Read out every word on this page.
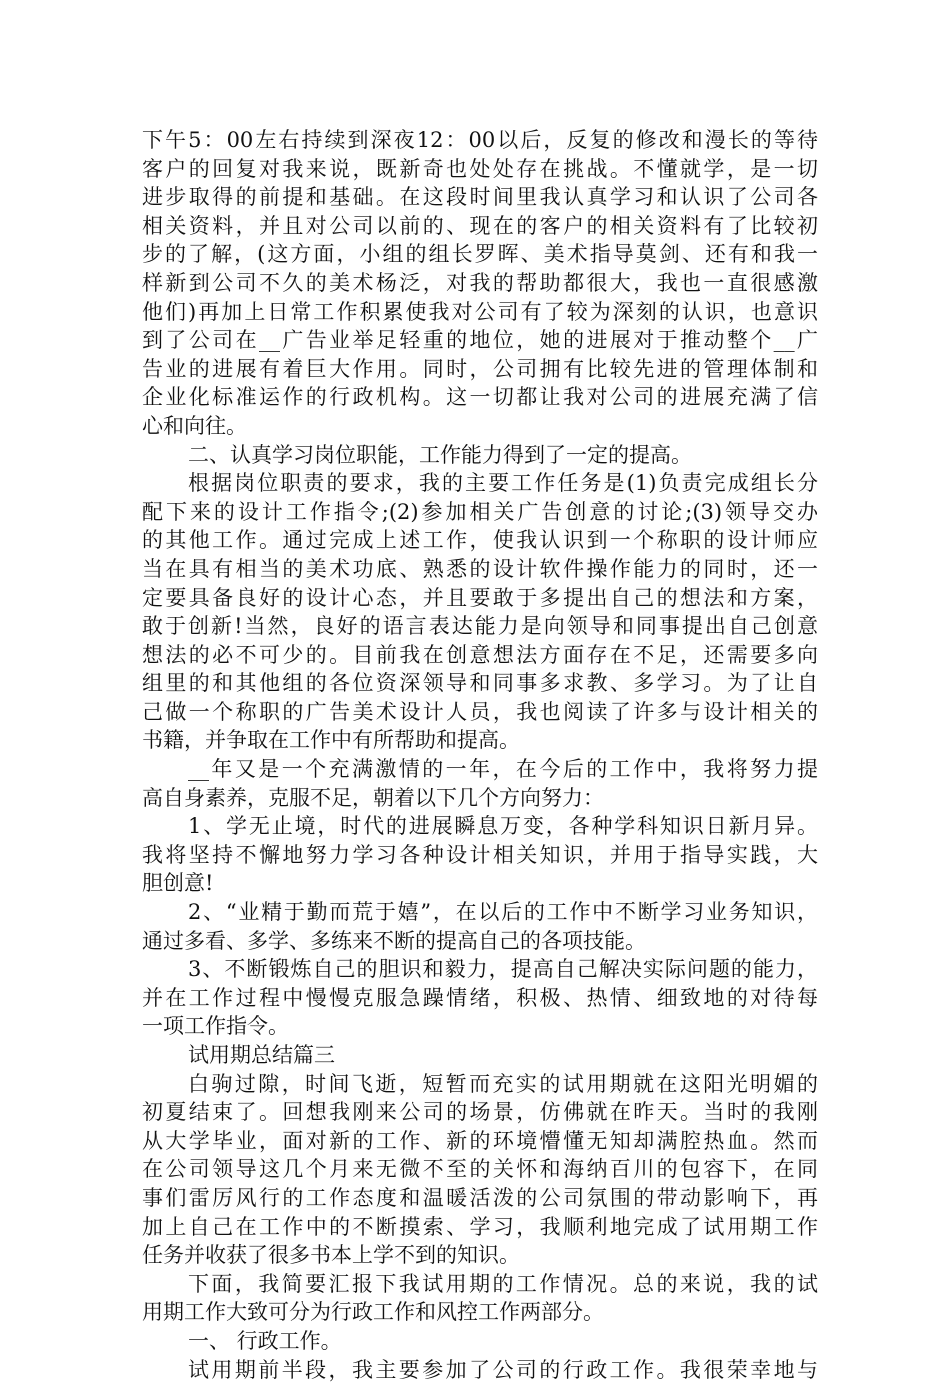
下午5：00左右持续到深夜12：00以后，反复的修改和漫长的等待
客户的回复对我来说，既新奇也处处存在挑战。不懂就学，是一切
进步取得的前提和基础。在这段时间里我认真学习和认识了公司各
相关资料，并且对公司以前的、现在的客户的相关资料有了比较初
步的了解，(这方面，小组的组长罗晖、美术指导莫剑、还有和我一
样新到公司不久的美术杨泛，对我的帮助都很大，我也一直很感激
他们)再加上日常工作积累使我对公司有了较为深刻的认识，也意识
到了公司在__广告业举足轻重的地位，她的进展对于推动整个__广
告业的进展有着巨大作用。同时，公司拥有比较先进的管理体制和
企业化标准运作的行政机构。这一切都让我对公司的进展充满了信
心和向往。
二、认真学习岗位职能，工作能力得到了一定的提高。
根据岗位职责的要求，我的主要工作任务是(1)负责完成组长分
配下来的设计工作指令;(2)参加相关广告创意的讨论;(3)领导交办
的其他工作。通过完成上述工作，使我认识到一个称职的设计师应
当在具有相当的美术功底、熟悉的设计软件操作能力的同时，还一
定要具备良好的设计心态，并且要敢于多提出自己的想法和方案，
敢于创新!当然，良好的语言表达能力是向领导和同事提出自己创意
想法的必不可少的。目前我在创意想法方面存在不足，还需要多向
组里的和其他组的各位资深领导和同事多求教、多学习。为了让自
己做一个称职的广告美术设计人员，我也阅读了许多与设计相关的
书籍，并争取在工作中有所帮助和提高。
__年又是一个充满激情的一年，在今后的工作中，我将努力提
高自身素养，克服不足，朝着以下几个方向努力：
1、学无止境，时代的进展瞬息万变，各种学科知识日新月异。
我将坚持不懈地努力学习各种设计相关知识，并用于指导实践，大
胆创意!
2、“业精于勤而荒于嬉”，在以后的工作中不断学习业务知识，
通过多看、多学、多练来不断的提高自己的各项技能。
3、不断锻炼自己的胆识和毅力，提高自己解决实际问题的能力，
并在工作过程中慢慢克服急躁情绪，积极、热情、细致地的对待每
一项工作指令。
试用期总结篇三
白驹过隙，时间飞逝，短暂而充实的试用期就在这阳光明媚的
初夏结束了。回想我刚来公司的场景，仿佛就在昨天。当时的我刚
从大学毕业，面对新的工作、新的环境懵懂无知却满腔热血。然而
在公司领导这几个月来无微不至的关怀和海纳百川的包容下，在同
事们雷厉风行的工作态度和温暖活泼的公司氛围的带动影响下，再
加上自己在工作中的不断摸索、学习，我顺利地完成了试用期工作
任务并收获了很多书本上学不到的知识。
下面，我简要汇报下我试用期的工作情况。总的来说，我的试
用期工作大致可分为行政工作和风控工作两部分。
一、 行政工作。
试用期前半段，我主要参加了公司的行政工作。我很荣幸地与
